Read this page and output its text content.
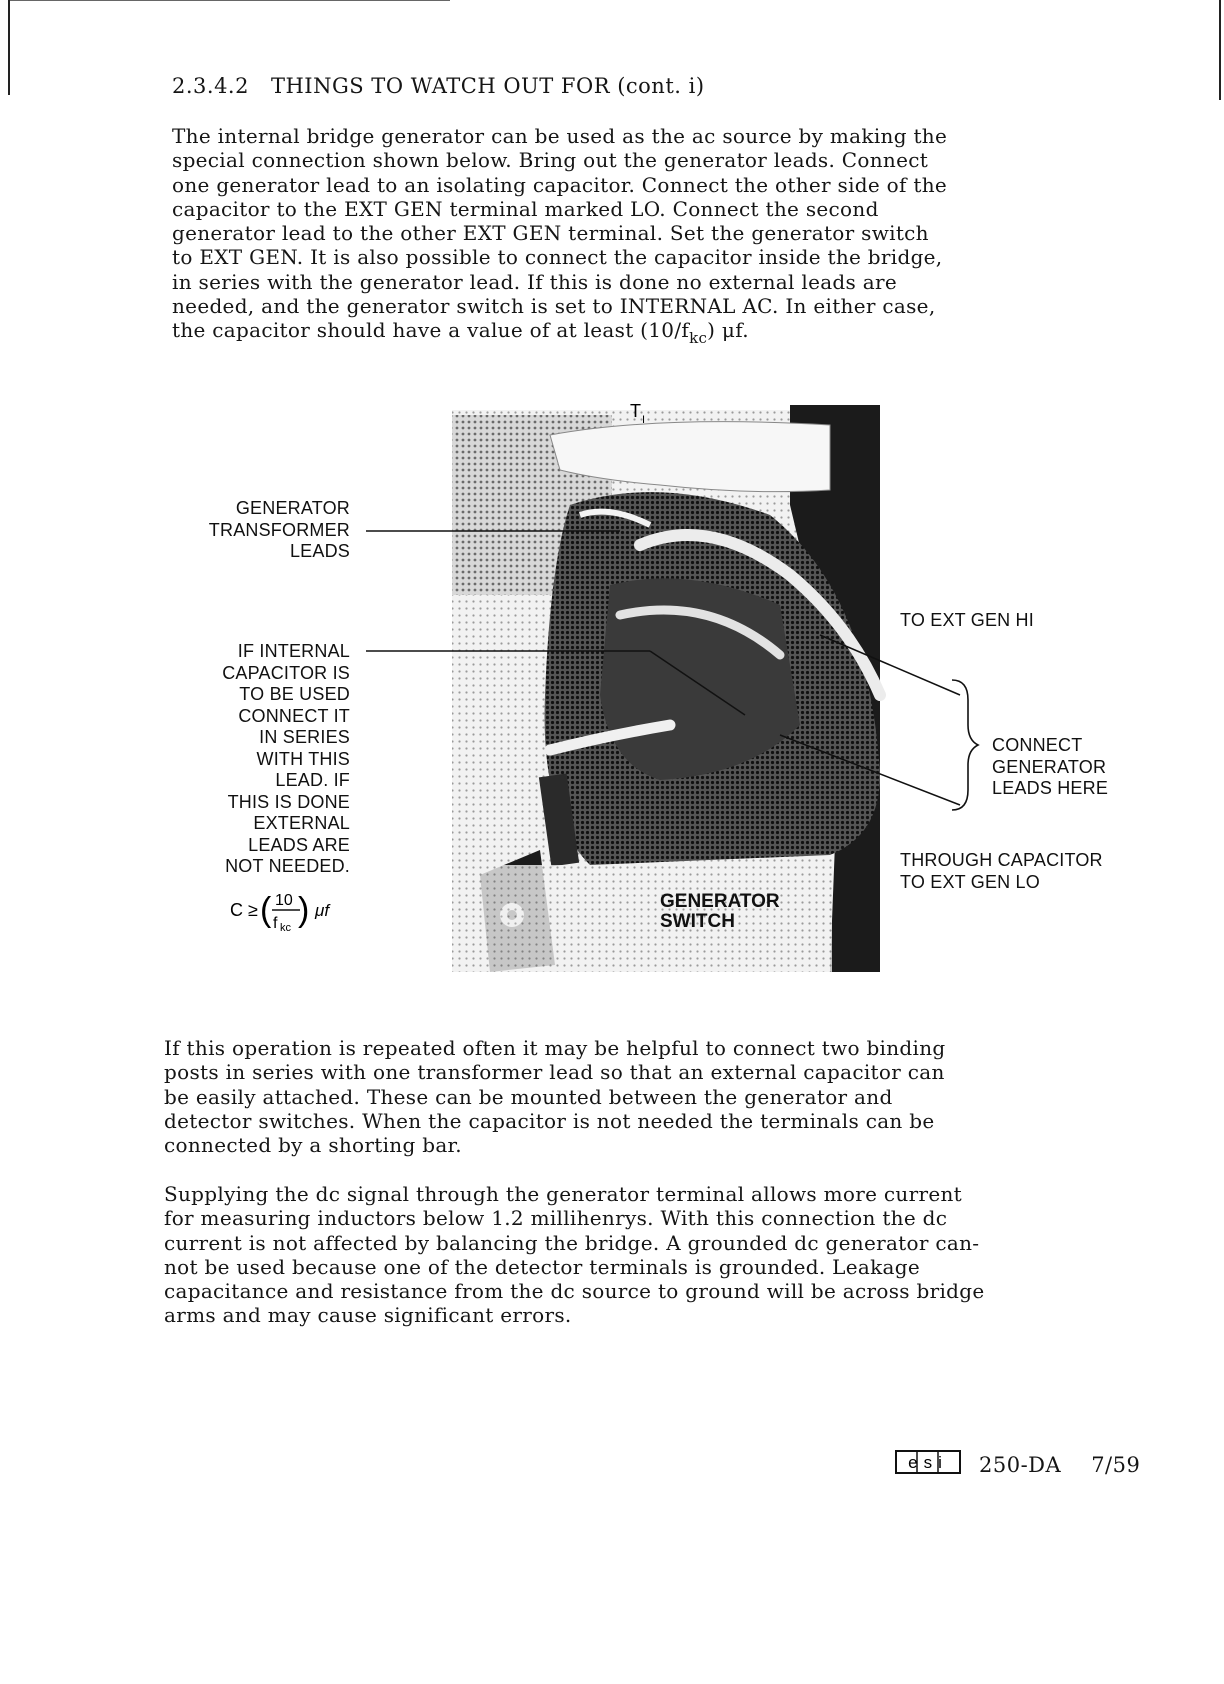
2.3.4.2 THINGS TO WATCH OUT FOR (cont. i)
The internal bridge generator can be used as the ac source by making the
special connection shown below. Bring out the generator leads. Connect
one generator lead to an isolating capacitor. Connect the other side of the
capacitor to the EXT GEN terminal marked LO. Connect the second
generator lead to the other EXT GEN terminal. Set the generator switch
to EXT GEN. It is also possible to connect the capacitor inside the bridge,
in series with the generator lead. If this is done no external leads are
needed, and the generator switch is set to INTERNAL AC. In either case,
the capacitor should have a value of at least $(10/f_{kc})$ μf.
T I
GENERATOR
SWITCH
GENERATOR
TRANSFORMER
LEADS
IF INTERNAL
CAPACITOR IS
TO BE USED
CONNECT IT
IN SERIES
WITH THIS
LEAD. IF
THIS IS DONE
EXTERNAL
LEADS ARE
NOT NEEDED.
C ≥ ( 10
f kc ) μf
TO EXT GEN HI
CONNECT
GENERATOR
LEADS HERE
THROUGH CAPACITOR
TO EXT GEN LO
If this operation is repeated often it may be helpful to connect two binding
posts in series with one transformer lead so that an external capacitor can
be easily attached. These can be mounted between the generator and
detector switches. When the capacitor is not needed the terminals can be
connected by a shorting bar.
Supplying the dc signal through the generator terminal allows more current
for measuring inductors below 1.2 millihenrys. With this connection the dc
current is not affected by balancing the bridge. A grounded dc generator can-
not be used because one of the detector terminals is grounded. Leakage
capacitance and resistance from the dc source to ground will be across bridge
arms and may cause significant errors.
esi 250-DA 7/59
